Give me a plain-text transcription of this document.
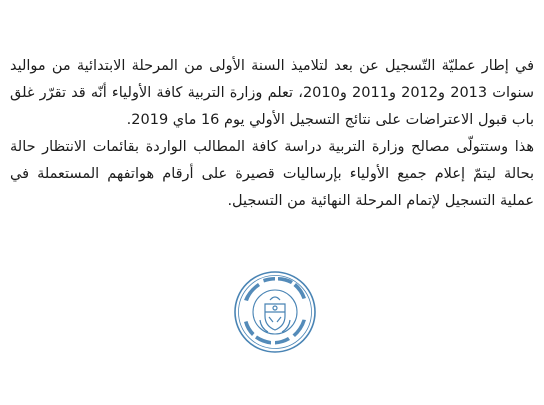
في إطار عمليّة التّسجيل عن بعد لتلاميذ السنة الأولى من المرحلة الابتدائية من مواليد سنوات 2013 و2012 و2011 و2010، تعلم وزارة التربية كافة الأولياء أنّه قد تقرّر غلق باب قبول الاعتراضات على نتائج التسجيل الأولي يوم 16 ماي 2019.

هذا وستتولّى مصالح وزارة التربية دراسة كافة المطالب الواردة بقائمات الانتظار حالة بحالة ليتمّ إعلام جميع الأولياء بإرساليات قصيرة على أرقام هواتفهم المستعملة في عملية التسجيل لإتمام المرحلة النهائية من التسجيل.
